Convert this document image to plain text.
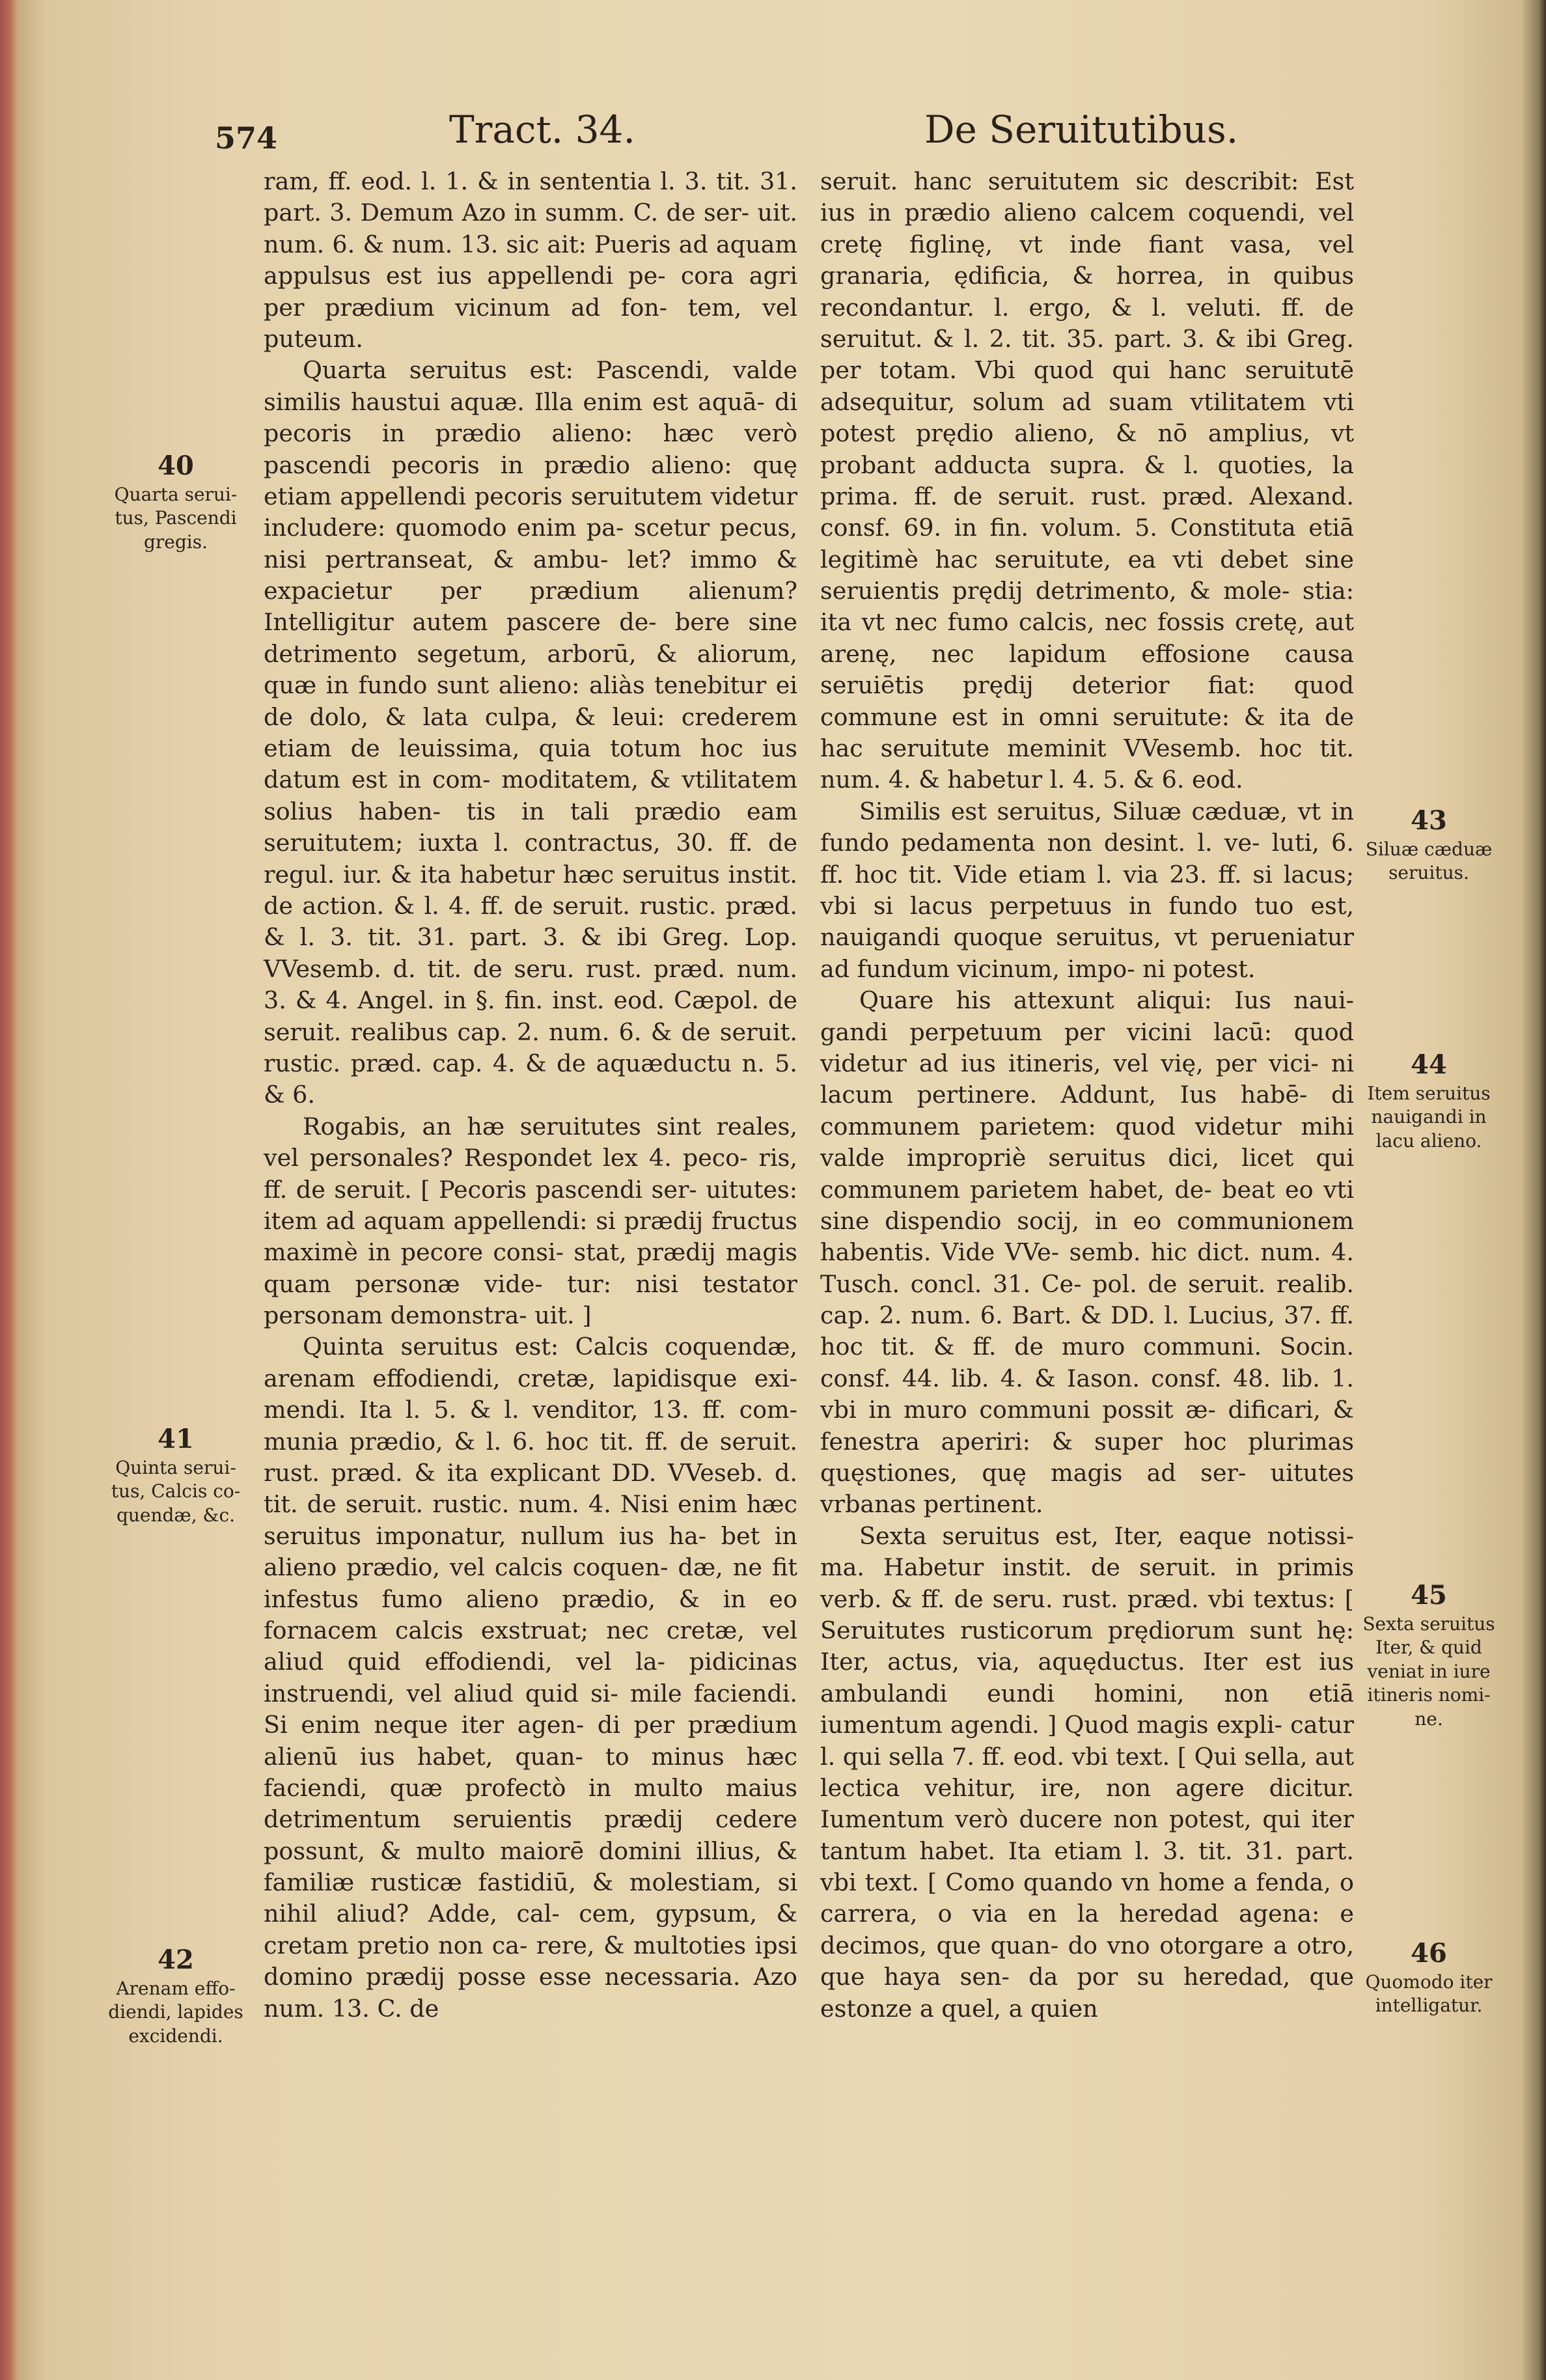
574	Tract. 34.	De Seruitutibus.

ram, ff. eod. l. 1. & in sententia l. 3. tit. 31. part. 3. Demum Azo in summ. C. de ser- uit. num. 6. & num. 13. sic ait: Pueris ad aquam appulsus est ius appellendi pe- cora agri per prædium vicinum ad fon- tem, vel puteum.

Quarta seruitus est: Pascendi, valde similis haustui aquæ. Illa enim est aquā- di pecoris in prædio alieno: hæc verò pascendi pecoris in prædio alieno: quę etiam appellendi pecoris seruitutem videtur includere: quomodo enim pa- scetur pecus, nisi pertranseat, & ambu- let? immo & expacietur per prædium alienum? Intelligitur autem pascere de- bere sine detrimento segetum, arborū, & aliorum, quæ in fundo sunt alieno: aliàs tenebitur ei de dolo, & lata culpa, & leui: crederem etiam de leuissima, quia totum hoc ius datum est in com- moditatem, & vtilitatem solius haben- tis in tali prædio eam seruitutem; iuxta l. contractus, 30. ff. de regul. iur. & ita habetur hæc seruitus instit. de action. & l. 4. ff. de seruit. rustic. præd. & l. 3. tit. 31. part. 3. & ibi Greg. Lop. VVesemb. d. tit. de seru. rust. præd. num. 3. & 4. Angel. in §. fin. inst. eod. Cæpol. de seruit. realibus cap. 2. num. 6. & de seruit. rustic. præd. cap. 4. & de aquæductu n. 5. & 6.

Rogabis, an hæ seruitutes sint reales, vel personales? Respondet lex 4. peco- ris, ff. de seruit. [ Pecoris pascendi ser- uitutes: item ad aquam appellendi: si prædij fructus maximè in pecore consi- stat, prædij magis quam personæ vide- tur: nisi testator personam demonstra- uit. ]

Quinta seruitus est: Calcis coquendæ, arenam effodiendi, cretæ, lapidisque exi- mendi. Ita l. 5. & l. venditor, 13. ff. com- munia prædio, & l. 6. hoc tit. ff. de seruit. rust. præd. & ita explicant DD. VVeseb. d. tit. de seruit. rustic. num. 4. Nisi enim hæc seruitus imponatur, nullum ius ha- bet in alieno prædio, vel calcis coquen- dæ, ne fit infestus fumo alieno prædio, & in eo fornacem calcis exstruat; nec cretæ, vel aliud quid effodiendi, vel la- pidicinas instruendi, vel aliud quid si- mile faciendi. Si enim neque iter agen- di per prædium alienū ius habet, quan- to minus hæc faciendi, quæ profectò in multo maius detrimentum seruientis prædij cedere possunt, & multo maiorē domini illius, & familiæ rusticæ fastidiū, & molestiam, si nihil aliud? Adde, cal- cem, gypsum, & cretam pretio non ca- rere, & multoties ipsi domino prædij posse esse necessaria. Azo num. 13. C. de

seruit. hanc seruitutem sic describit: Est ius in prædio alieno calcem coquendi, vel cretę figlinę, vt inde fiant vasa, vel granaria, ędificia, & horrea, in quibus recondantur. l. ergo, & l. veluti. ff. de seruitut. & l. 2. tit. 35. part. 3. & ibi Greg. per totam. Vbi quod qui hanc seruitutē adsequitur, solum ad suam vtilitatem vti potest prędio alieno, & nō amplius, vt probant adducta supra. & l. quoties, la prima. ff. de seruit. rust. præd. Alexand. consf. 69. in fin. volum. 5. Constituta etiā legitimè hac seruitute, ea vti debet sine seruientis prędij detrimento, & mole- stia: ita vt nec fumo calcis, nec fossis cretę, aut arenę, nec lapidum effosione causa seruiētis prędij deterior fiat: quod commune est in omni seruitute: & ita de hac seruitute meminit VVesemb. hoc tit. num. 4. & habetur l. 4. 5. & 6. eod.

Similis est seruitus, Siluæ cæduæ, vt in fundo pedamenta non desint. l. ve- luti, 6. ff. hoc tit. Vide etiam l. via 23. ff. si lacus; vbi si lacus perpetuus in fundo tuo est, nauigandi quoque seruitus, vt perueniatur ad fundum vicinum, impo- ni potest.

Quare his attexunt aliqui: Ius naui- gandi perpetuum per vicini lacū: quod videtur ad ius itineris, vel vię, per vici- ni lacum pertinere. Addunt, Ius habē- di communem parietem: quod videtur mihi valde impropriè seruitus dici, licet qui communem parietem habet, de- beat eo vti sine dispendio socij, in eo communionem habentis. Vide VVe- semb. hic dict. num. 4. Tusch. concl. 31. Ce- pol. de seruit. realib. cap. 2. num. 6. Bart. & DD. l. Lucius, 37. ff. hoc tit. & ff. de muro communi. Socin. consf. 44. lib. 4. & Iason. consf. 48. lib. 1. vbi in muro communi possit æ- dificari, & fenestra aperiri: & super hoc plurimas quęstiones, quę magis ad ser- uitutes vrbanas pertinent.

Sexta seruitus est, Iter, eaque notissi- ma. Habetur instit. de seruit. in primis verb. & ff. de seru. rust. præd. vbi textus: [ Seruitutes rusticorum prędiorum sunt hę: Iter, actus, via, aquęductus. Iter est ius ambulandi eundi homini, non etiā iumentum agendi. ] Quod magis expli- catur l. qui sella 7. ff. eod. vbi text. [ Qui sella, aut lectica vehitur, ire, non agere dicitur. Iumentum verò ducere non potest, qui iter tantum habet. Ita etiam l. 3. tit. 31. part. vbi text. [ Como quando vn home a fenda, o carrera, o via en la heredad agena: e decimos, que quan- do vno otorgare a otro, que haya sen- da por su heredad, que estonze a quel, a quien

40
Quarta serui- tus, Pascendi gregis.
41
Quinta serui- tus, Calcis co- quendæ, &c.
42
Arenam effo- diendi, lapides excidendi.
43
Siluæ cæduæ seruitus.
44
Item seruitus nauigandi in lacu alieno.
45
Sexta seruitus Iter, & quid veniat in iure itineris nomi- ne.
46
Quomodo iter intelligatur.
